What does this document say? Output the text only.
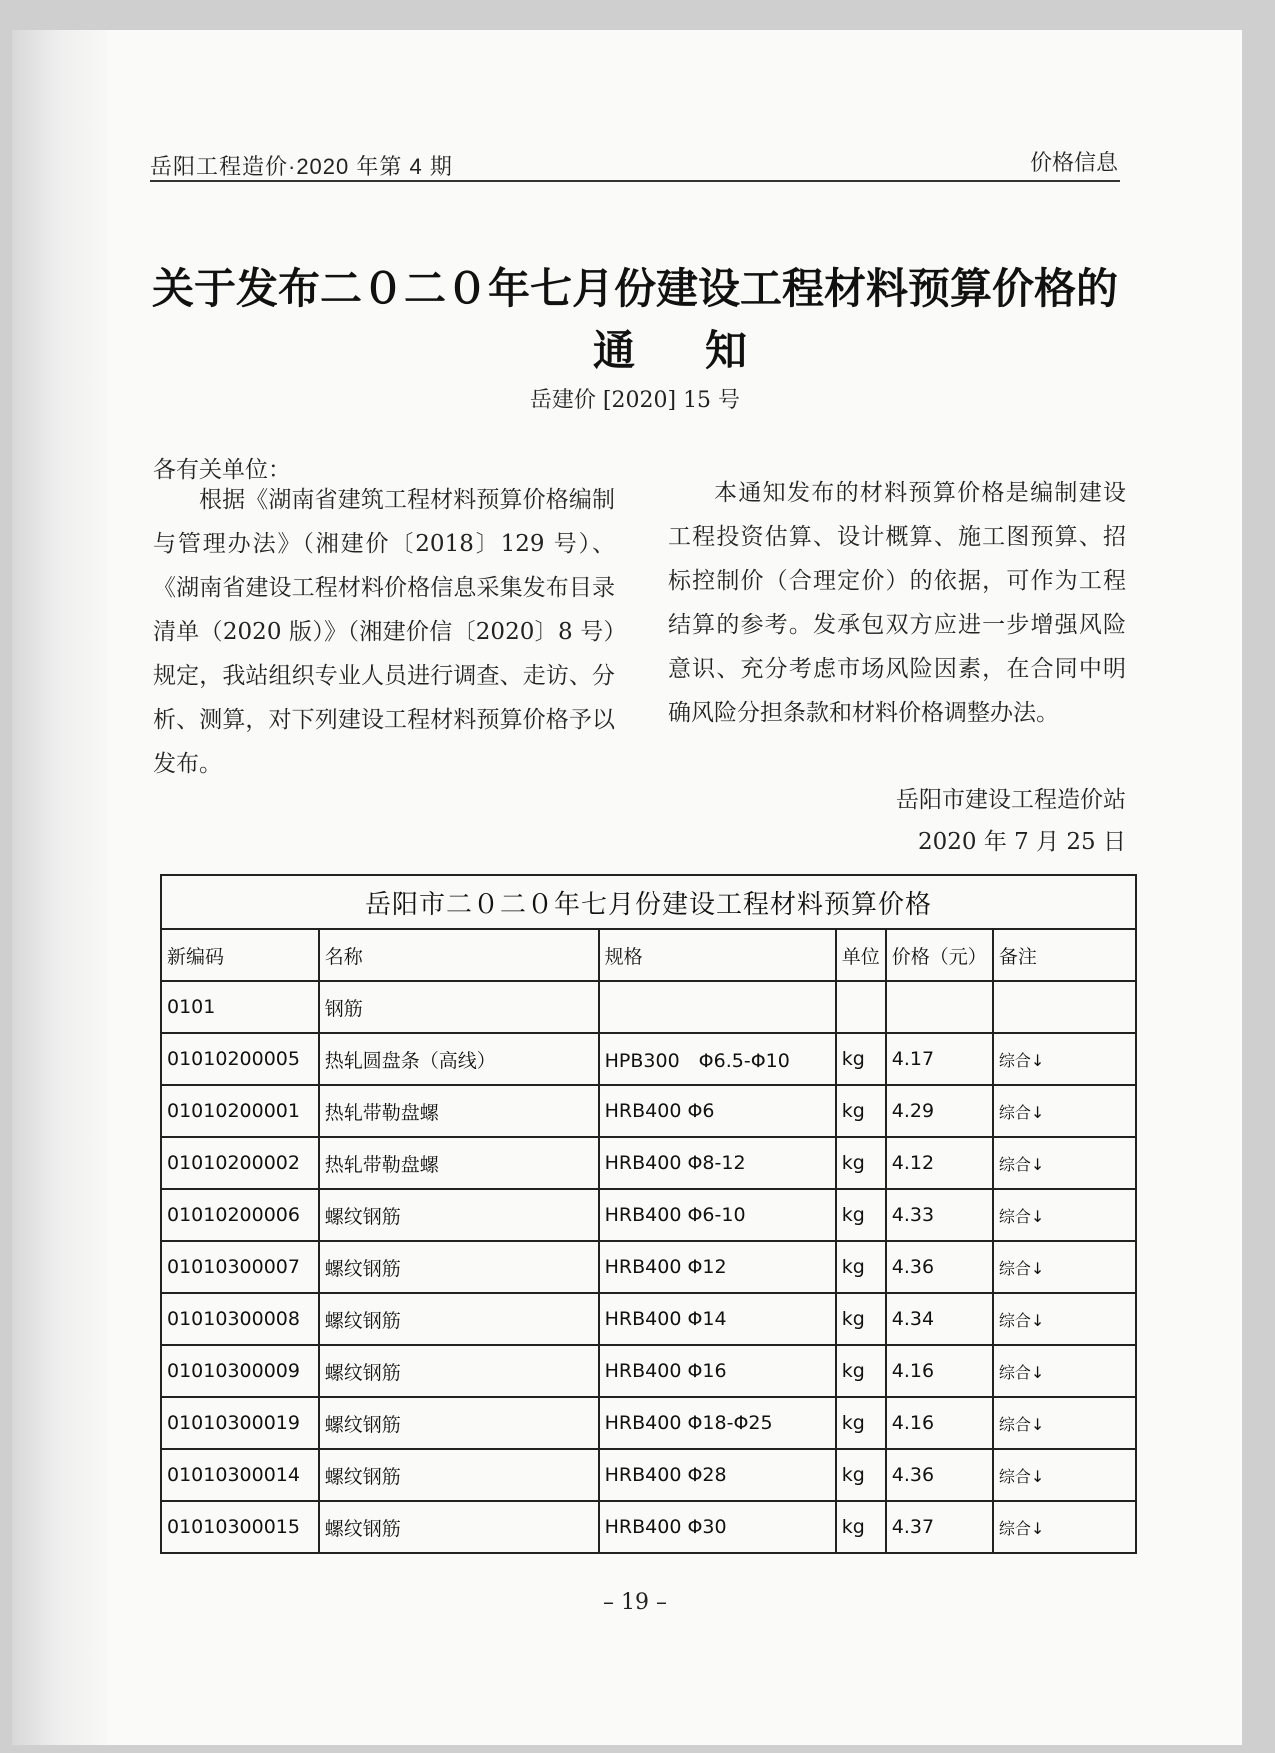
岳阳工程造价·2020 年第 4 期	价格信息
关于发布二０二０年七月份建设工程材料预算价格的
通知
岳建价 [2020] 15 号
各有关单位：
根据《湖南省建筑工程材料预算价格编制与管理办法》（湘建价〔2018〕129 号）、《湖南省建设工程材料价格信息采集发布目录清单（2020 版）》（湘建价信〔2020〕8 号）规定，我站组织专业人员进行调查、走访、分析、测算，对下列建设工程材料预算价格予以发布。
本通知发布的材料预算价格是编制建设工程投资估算、设计概算、施工图预算、招标控制价（合理定价）的依据，可作为工程结算的参考。发承包双方应进一步增强风险意识、充分考虑市场风险因素，在合同中明确风险分担条款和材料价格调整办法。
岳阳市建设工程造价站
2020 年 7 月 25 日
岳阳市二０二０年七月份建设工程材料预算价格					
新编码	名称	规格	单位	价格（元）	备注
0101	钢筋				
01010200005	热轧圆盘条（高线）	HPB300　Φ6.5-Φ10	kg	4.17	综合↓
01010200001	热轧带勒盘螺	HRB400 Φ6	kg	4.29	综合↓
01010200002	热轧带勒盘螺	HRB400 Φ8-12	kg	4.12	综合↓
01010200006	螺纹钢筋	HRB400 Φ6-10	kg	4.33	综合↓
01010300007	螺纹钢筋	HRB400 Φ12	kg	4.36	综合↓
01010300008	螺纹钢筋	HRB400 Φ14	kg	4.34	综合↓
01010300009	螺纹钢筋	HRB400 Φ16	kg	4.16	综合↓
01010300019	螺纹钢筋	HRB400 Φ18-Φ25	kg	4.16	综合↓
01010300014	螺纹钢筋	HRB400 Φ28	kg	4.36	综合↓
01010300015	螺纹钢筋	HRB400 Φ30	kg	4.37	综合↓
– 19 –
